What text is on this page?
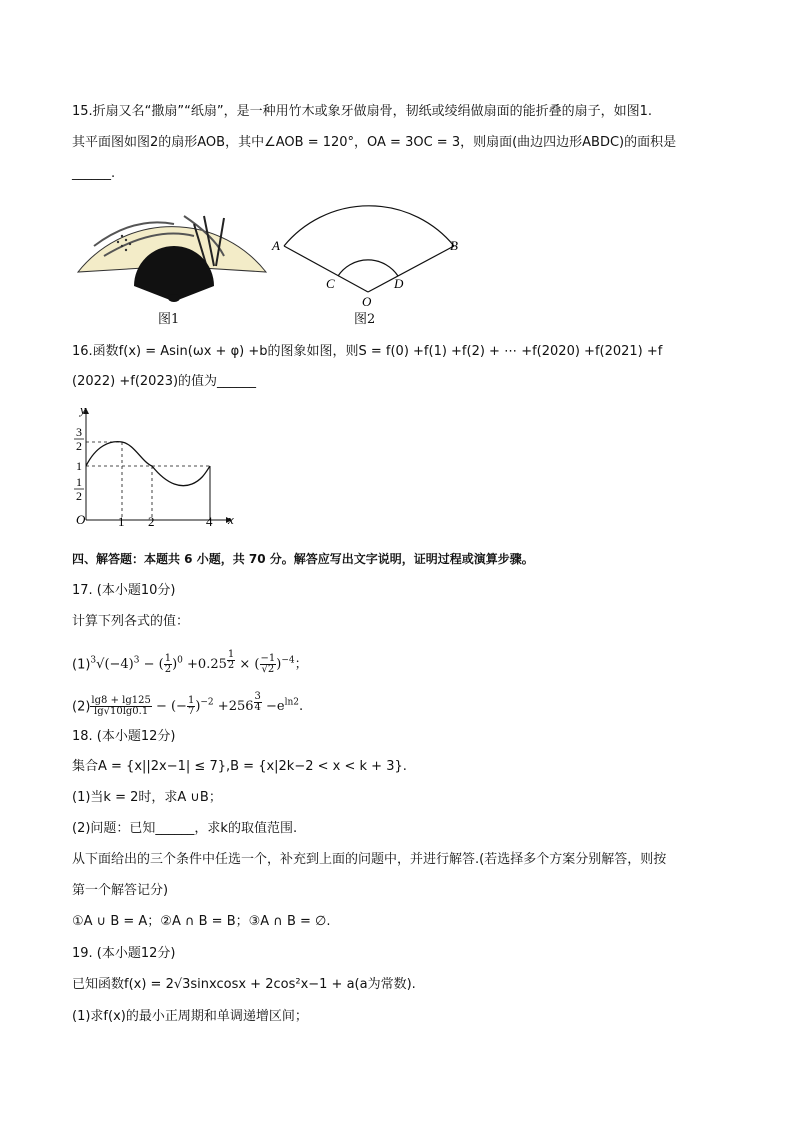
15.折扇又名“撒扇”“纸扇”，是一种用竹木或象牙做扇骨，韧纸或绫绢做扇面的能折叠的扇子，如图1.
其平面图如图2的扇形AOB，其中∠AOB = 120°，OA = 3OC = 3，则扇面(曲边四边形ABDC)的面积是
______.
图1
A	B
C	D
O
图2
16.函数f(x) = Asin(ωx + φ) +b的图象如图，则S = f(0) +f(1) +f(2) + ⋯ +f(2020) +f(2021) +f
(2022) +f(2023)的值为______
O
y
x
1 2	4
3
2
1
1
2
四、解答题：本题共 6 小题，共 70 分。解答应写出文字说明，证明过程或演算步骤。
17. (本小题10分)
计算下列各式的值：
$(1)^3√(-4)^3$ − ( $\frac{1}{2} )^0 +0.25$ $^{\frac{1}{2}}$ × ( $\frac{-1}{√2} )^{-4}$；
$(2) \frac{\lg 8 + \lg 125}{\lg√10\lg 0.1}$ − (− $\frac{1}{7} )^{-2} +256$ $^{\frac{3}{4}} -e^{ln2}$.
18. (本小题12分)
集合A = {x||2x−1| ≤ 7},B = {x|2k−2 < x < k + 3}.
(1)当k = 2时，求A ∪B；
(2)问题：已知______，求k的取值范围.
从下面给出的三个条件中任选一个，补充到上面的问题中，并进行解答.(若选择多个方案分别解答，则按
第一个解答记分)
①A ∪ B = A；②A ∩ B = B；③A ∩ B = ∅.
19. (本小题12分)
已知函数f(x) = 2√3sinxcosx + 2cos²x−1 + a(a为常数).
(1)求f(x)的最小正周期和单调递增区间；
